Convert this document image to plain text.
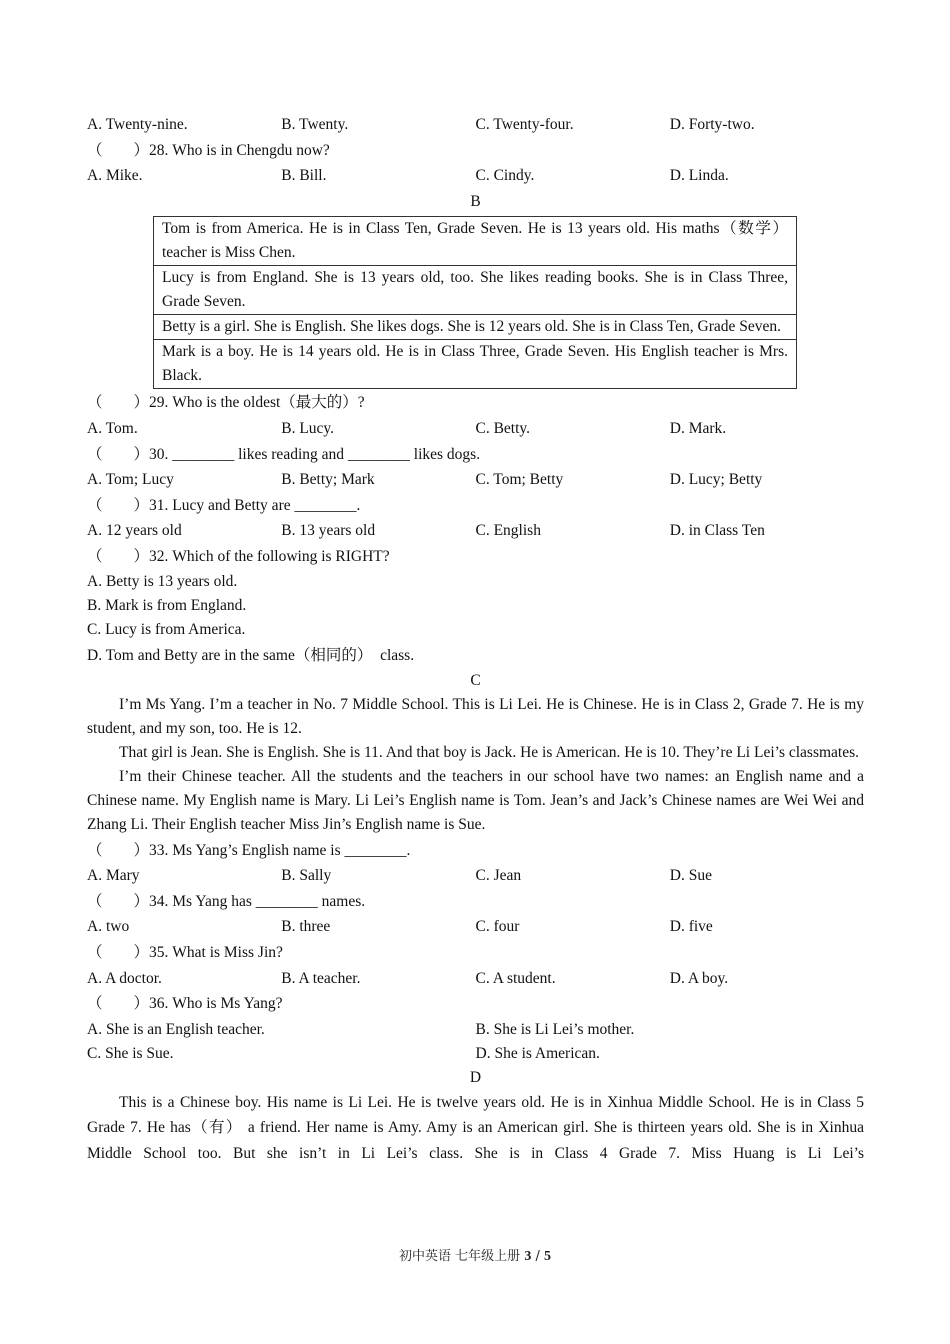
A. Twenty-nine.	B. Twenty.	C. Twenty-four.	D. Forty-two.
（　　）28. Who is in Chengdu now?
A. Mike.	B. Bill.	C. Cindy.	D. Linda.
B
Tom is from America. He is in Class Ten, Grade Seven. He is 13 years old. His maths（数学）teacher is Miss Chen.
Lucy is from England. She is 13 years old, too. She likes reading books. She is in Class Three, Grade Seven.
Betty is a girl. She is English. She likes dogs. She is 12 years old. She is in Class Ten, Grade Seven.
Mark is a boy. He is 14 years old. He is in Class Three, Grade Seven. His English teacher is Mrs. Black.
（　　）29. Who is the oldest（最大的）?
A. Tom.	B. Lucy.	C. Betty.	D. Mark.
（　　）30. ________ likes reading and ________ likes dogs.
A. Tom; Lucy	B. Betty; Mark	C. Tom; Betty	D. Lucy; Betty
（　　）31. Lucy and Betty are ________.
A. 12 years old	B. 13 years old	C. English	D. in Class Ten
（　　）32. Which of the following is RIGHT?
A. Betty is 13 years old.
B. Mark is from England.
C. Lucy is from America.
D. Tom and Betty are in the same（相同的）　class.
C

I’m Ms Yang. I’m a teacher in No. 7 Middle School. This is Li Lei. He is Chinese. He is in Class 2, Grade 7. He is my student, and my son, too. He is 12.

That girl is Jean. She is English. She is 11. And that boy is Jack. He is American. He is 10. They’re Li Lei’s classmates.

I’m their Chinese teacher. All the students and the teachers in our school have two names: an English name and a Chinese name. My English name is Mary. Li Lei’s English name is Tom. Jean’s and Jack’s Chinese names are Wei Wei and Zhang Li. Their English teacher Miss Jin’s English name is Sue.

（　　）33. Ms Yang’s English name is ________.
A. Mary	B. Sally	C. Jean	D. Sue
（　　）34. Ms Yang has ________ names.
A. two	B. three	C. four	D. five
（　　）35. What is Miss Jin?
A. A doctor.	B. A teacher.	C. A student.	D. A boy.
（　　）36. Who is Ms Yang?
A. She is an English teacher.	B. She is Li Lei’s mother.
C. She is Sue.	D. She is American.
D

This is a Chinese boy. His name is Li Lei. He is twelve years old. He is in Xinhua Middle School. He is in Class 5 Grade 7. He has（有） a friend. Her name is Amy. Amy is an American girl. She is thirteen years old. She is in Xinhua Middle School too. But she isn’t in Li Lei’s class. She is in Class 4 Grade 7. Miss Huang is Li Lei’s

初中英语 七年级上册 3 / 5
